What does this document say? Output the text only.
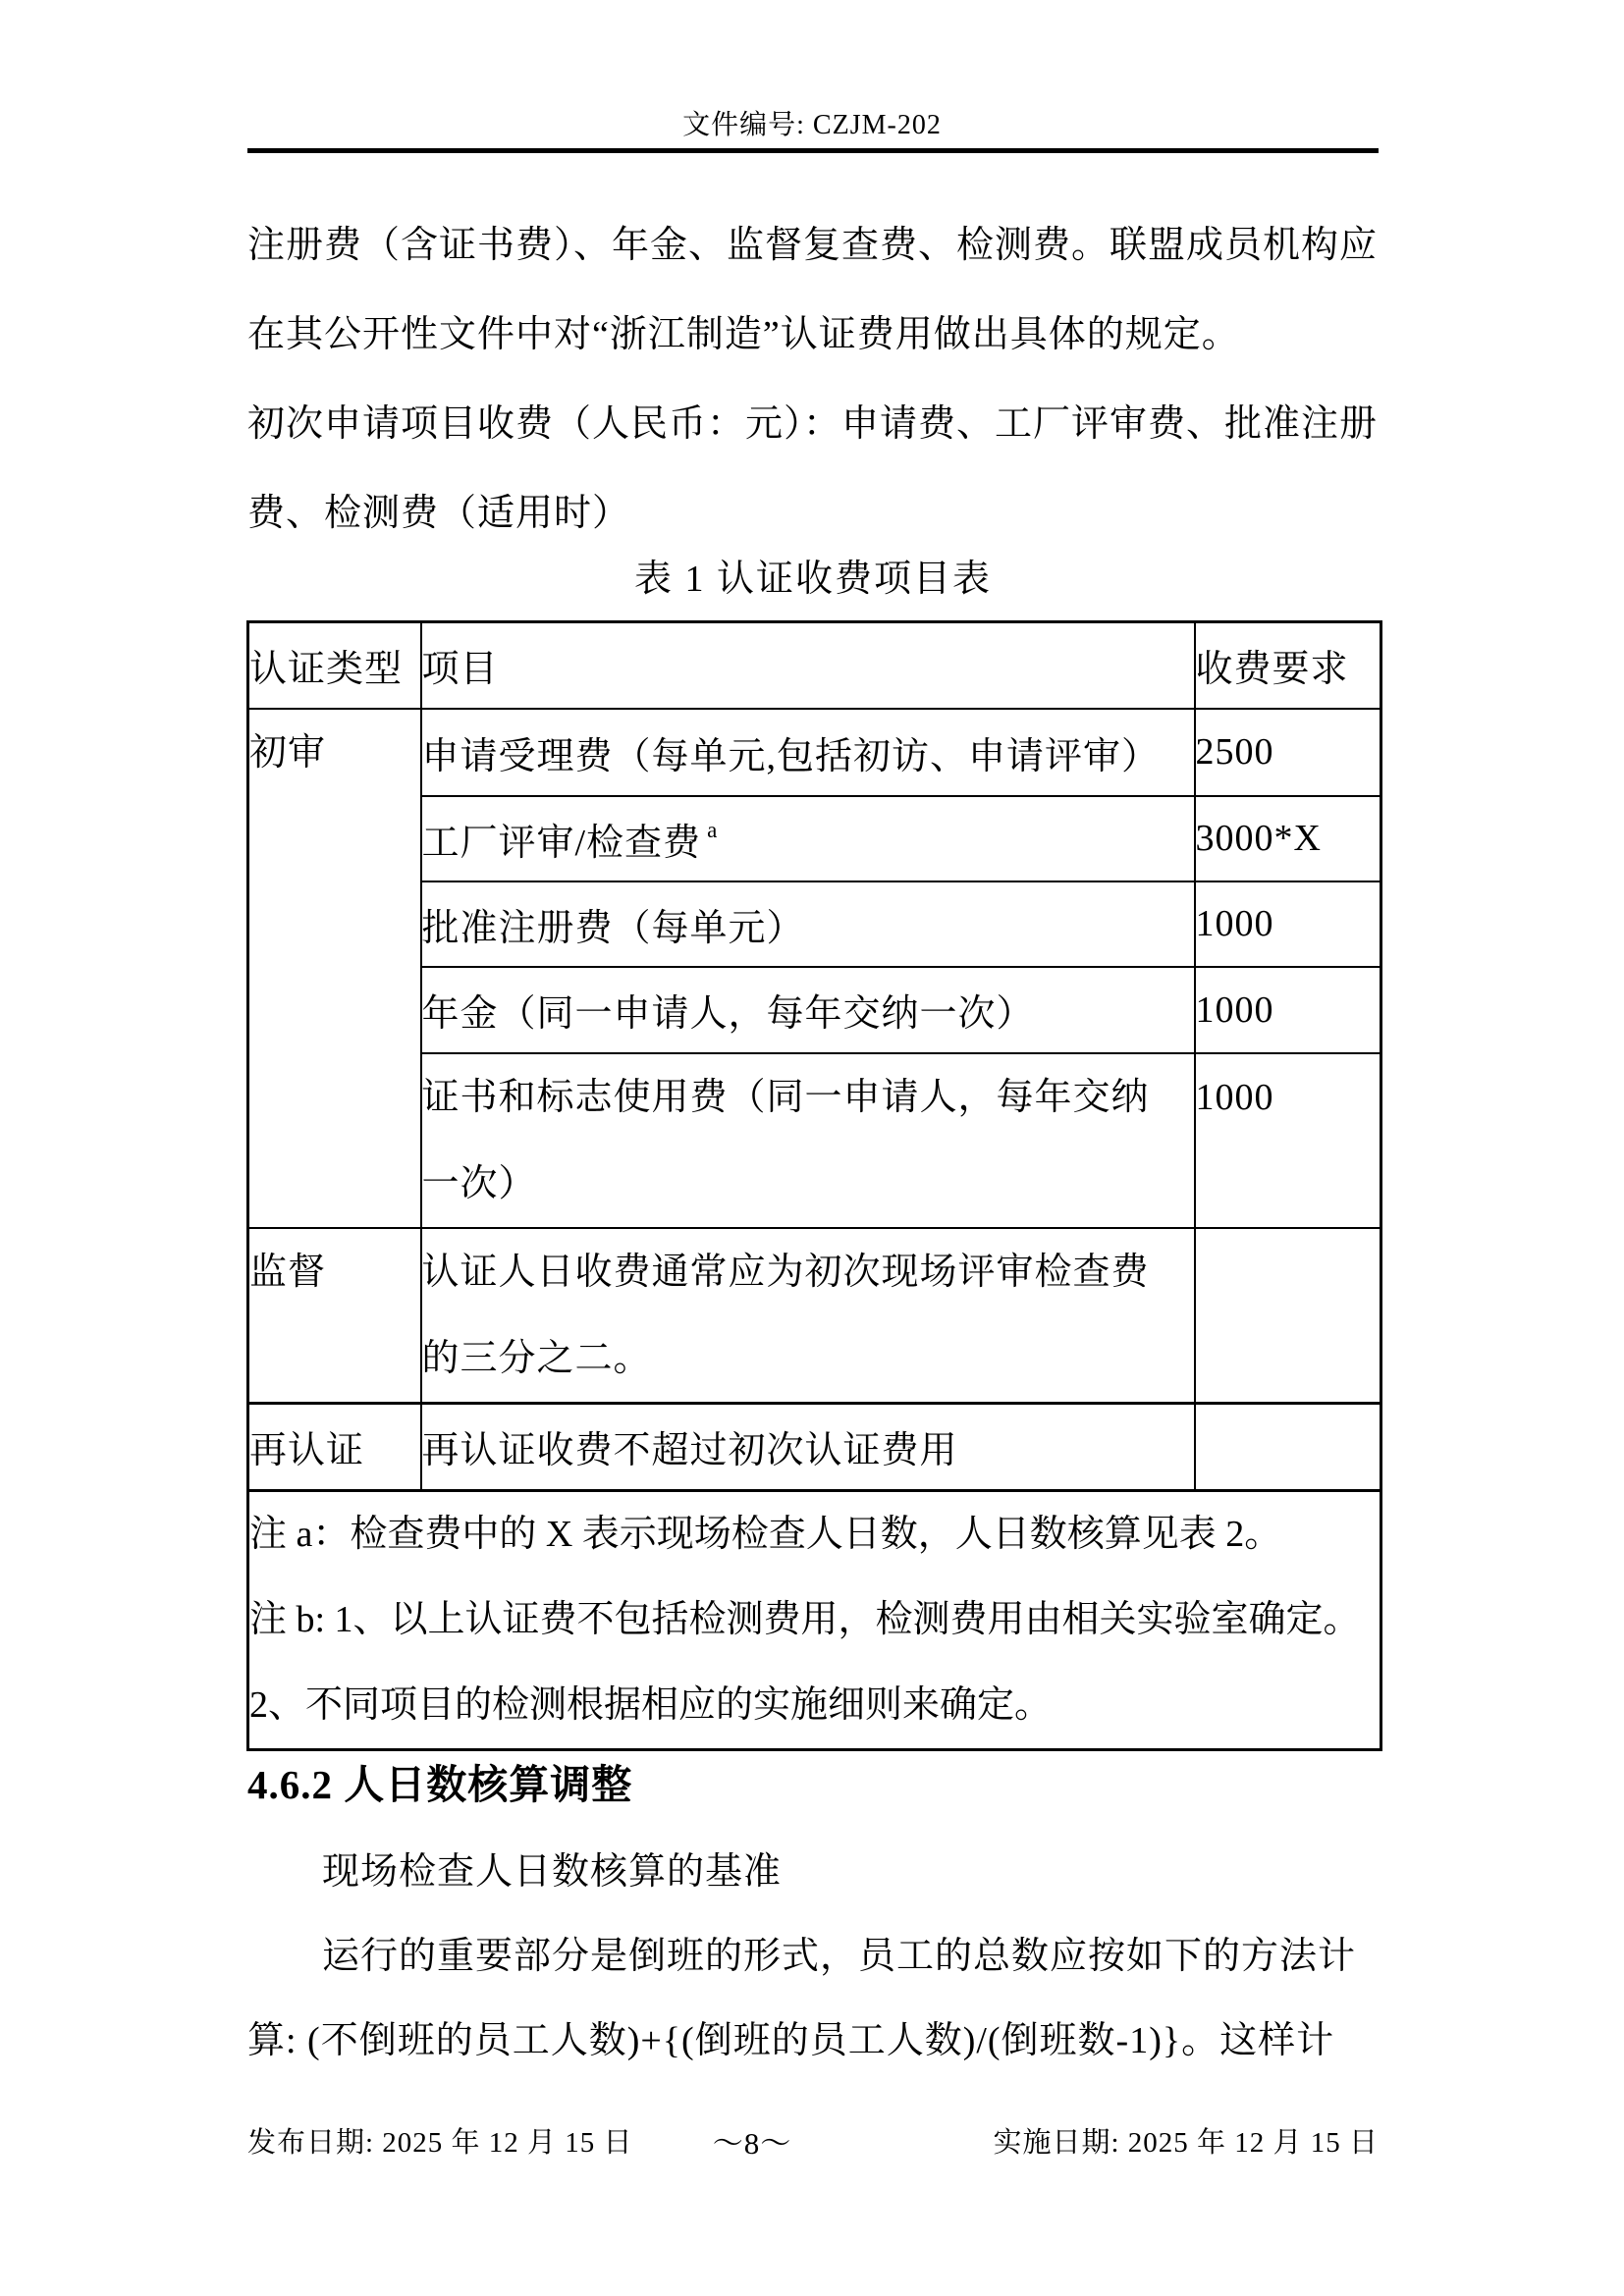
文件编号: CZJM-202
注册费（含证书费）、年金、监督复查费、检测费。联盟成员机构应
在其公开性文件中对“浙江制造”认证费用做出具体的规定。
初次申请项目收费（人民币：元）：申请费、工厂评审费、批准注册
费、检测费（适用时）
表 1 认证收费项目表
认证类型	项目	收费要求

初审	申请受理费（每单元,包括初访、申请评审）	2500
	工厂评审/检查费 $^a$	3000*X
	批准注册费（每单元）	1000
	年金（同一申请人，每年交纳一次）	1000

	证书和标志使用费（同一申请人，每年交纳
一次）	1000

监督	认证人日收费通常应为初次现场评审检查费
的三分之二。	

再认证	再认证收费不超过初次认证费用	

注 a：检查费中的 X 表示现场检查人日数，人日数核算见表 2。
注 b: 1、以上认证费不包括检测费用，检测费用由相关实验室确定。
2、不同项目的检测根据相应的实施细则来确定。		
4.6.2 人日数核算调整
现场检查人日数核算的基准
运行的重要部分是倒班的形式，员工的总数应按如下的方法计
算: (不倒班的员工人数)+{(倒班的员工人数)/(倒班数-1)}。这样计
发布日期: 2025 年 12 月 15 日	～8～	实施日期: 2025 年 12 月 15 日
